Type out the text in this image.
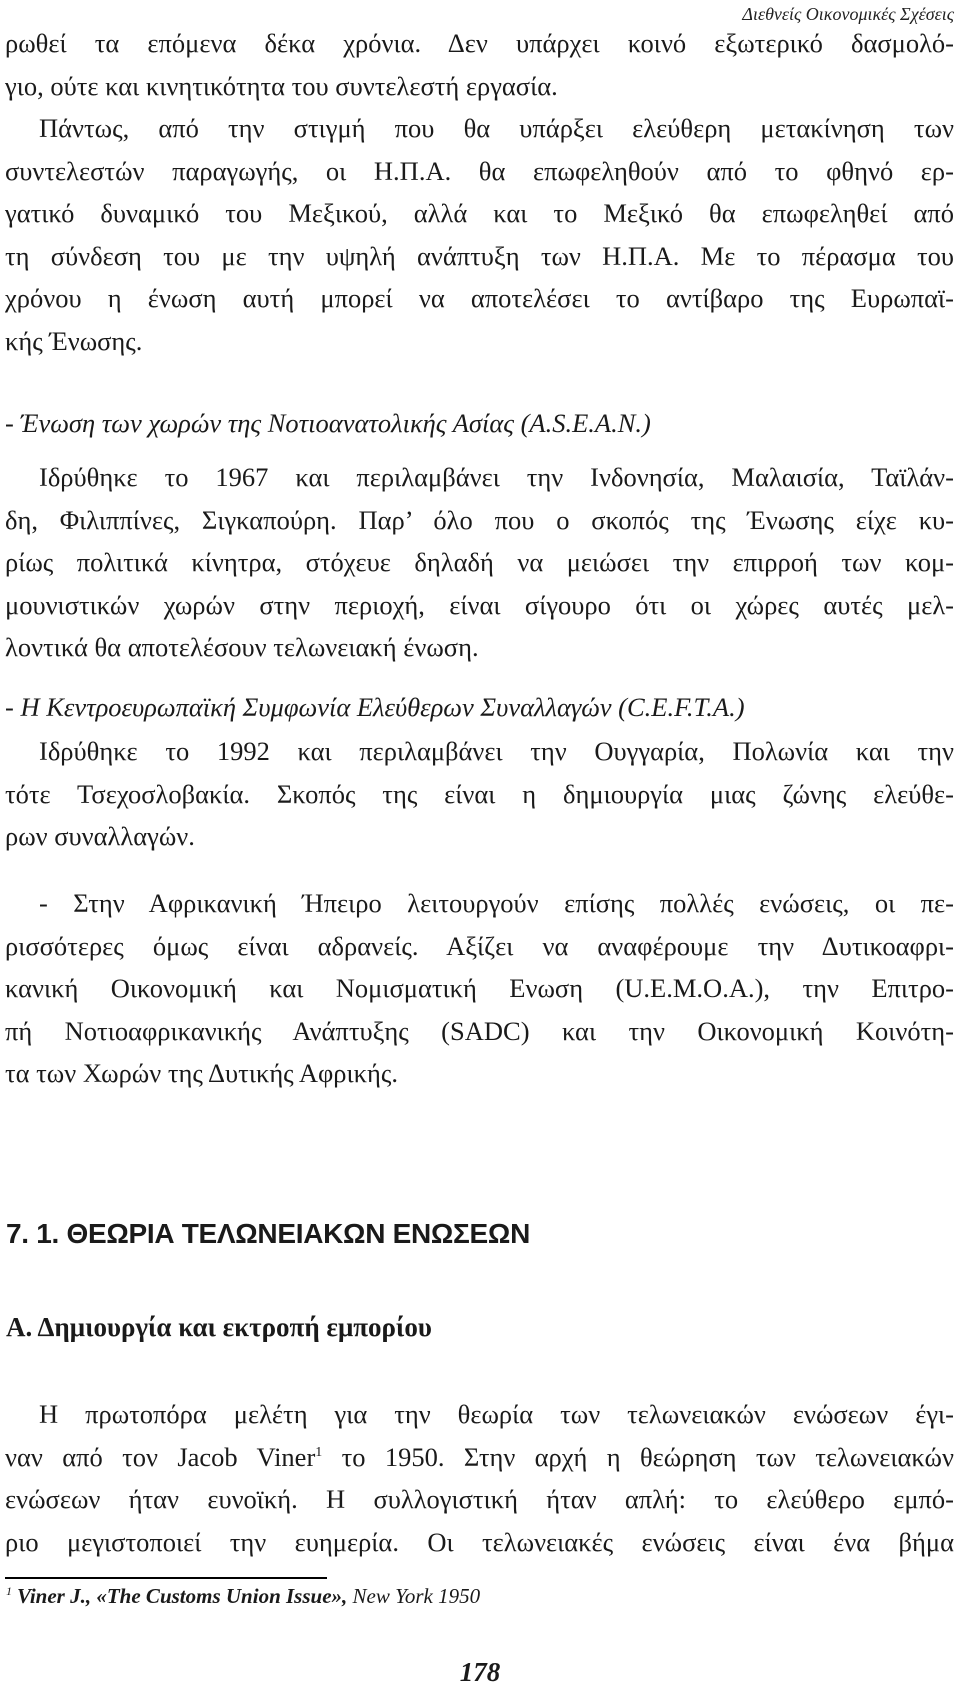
Διεθνείς Οικονομικές Σχέσεις
ρωθεί τα επόμενα δέκα χρόνια. Δεν υπάρχει κοινό εξωτερικό δασμολό-
γιο, ούτε και κινητικότητα του συντελεστή εργασία.
Πάντως, από την στιγμή που θα υπάρξει ελεύθερη μετακίνηση των
συντελεστών παραγωγής, οι Η.Π.Α. θα επωφεληθούν από το φθηνό ερ-
γατικό δυναμικό του Μεξικού, αλλά και το Μεξικό θα επωφεληθεί από
τη σύνδεση του με την υψηλή ανάπτυξη των Η.Π.Α. Με το πέρασμα του
χρόνου η ένωση αυτή μπορεί να αποτελέσει το αντίβαρο της Ευρωπαϊ-
κής Ένωσης.
- Ένωση των χωρών της Νοτιοανατολικής Ασίας (A.S.E.A.N.)
Ιδρύθηκε το 1967 και περιλαμβάνει την Ινδονησία, Μαλαισία, Ταϊλάν-
δη, Φιλιππίνες, Σιγκαπούρη. Παρ’ όλο που ο σκοπός της Ένωσης είχε κυ-
ρίως πολιτικά κίνητρα, στόχευε δηλαδή να μειώσει την επιρροή των κομ-
μουνιστικών χωρών στην περιοχή, είναι σίγουρο ότι οι χώρες αυτές μελ-
λοντικά θα αποτελέσουν τελωνειακή ένωση.
- Η Κεντροευρωπαϊκή Συμφωνία Ελεύθερων Συναλλαγών (C.E.F.T.A.)
Ιδρύθηκε το 1992 και περιλαμβάνει την Ουγγαρία, Πολωνία και την
τότε Τσεχοσλοβακία. Σκοπός της είναι η δημιουργία μιας ζώνης ελεύθε-
ρων συναλλαγών.
- Στην Αφρικανική Ήπειρο λειτουργούν επίσης πολλές ενώσεις, οι πε-
ρισσότερες όμως είναι αδρανείς. Αξίζει να αναφέρουμε την Δυτικοαφρι-
κανική Οικονομική και Νομισματική Ενωση (U.E.M.O.A.), την Επιτρο-
πή Νοτιοαφρικανικής Ανάπτυξης (SADC) και την Οικονομική Κοινότη-
τα των Χωρών της Δυτικής Αφρικής.
7. 1. ΘΕΩΡΙΑ ΤΕΛΩΝΕΙΑΚΩΝ ΕΝΩΣΕΩΝ
Α. Δημιουργία και εκτροπή εμπορίου
Η πρωτοπόρα μελέτη για την θεωρία των τελωνειακών ενώσεων έγι-
ναν από τον Jacob Viner$^1$ το 1950. Στην αρχή η θεώρηση των τελωνειακών
ενώσεων ήταν ευνοϊκή. Η συλλογιστική ήταν απλή: το ελεύθερο εμπό-
ριο μεγιστοποιεί την ευημερία. Οι τελωνειακές ενώσεις είναι ένα βήμα
$^1$ Viner J., «The Customs Union Issue», New York 1950
178
